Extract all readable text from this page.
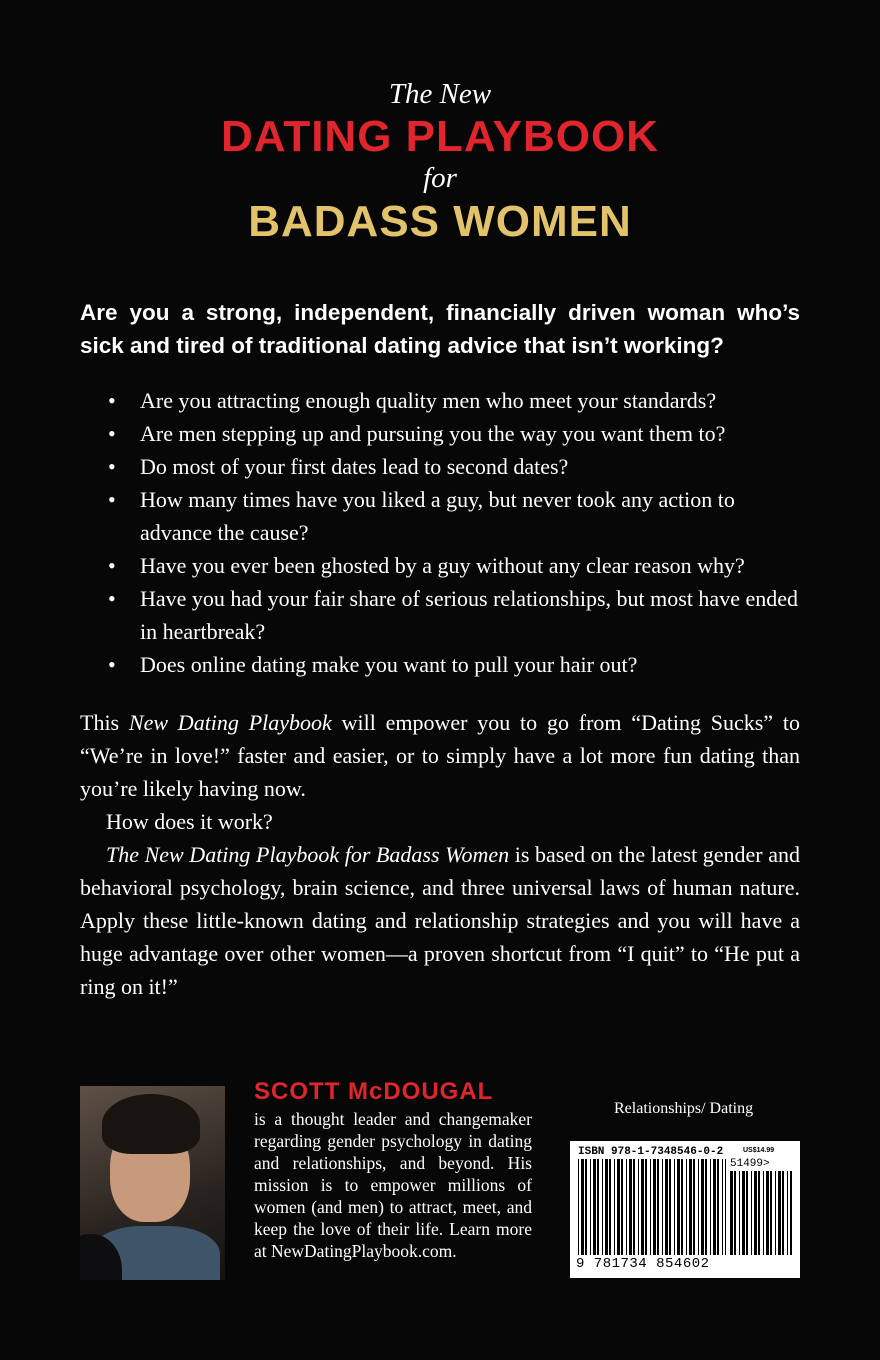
The New
DATING PLAYBOOK
for
BADASS WOMEN
Are you a strong, independent, financially driven woman who’s sick and tired of traditional dating advice that isn’t working?
• Are you attracting enough quality men who meet your standards?
• Are men stepping up and pursuing you the way you want them to?
• Do most of your first dates lead to second dates?
• How many times have you liked a guy, but never took any action to advance the cause?
• Have you ever been ghosted by a guy without any clear reason why?
• Have you had your fair share of serious relationships, but most have ended in heartbreak?
• Does online dating make you want to pull your hair out?

This New Dating Playbook will empower you to go from “Dating Sucks” to “We’re in love!” faster and easier, or to simply have a lot more fun dating than you’re likely having now.

How does it work?

The New Dating Playbook for Badass Women is based on the latest gender and behavioral psychology, brain science, and three universal laws of human nature. Apply these little-known dating and relationship strategies and you will have a huge advantage over other women—a proven shortcut from “I quit” to “He put a ring on it!”

SCOTT McDOUGAL
is a thought leader and changemaker regarding gender psychology in dating and relationships, and beyond. His mission is to empower millions of women (and men) to attract, meet, and keep the love of their life. Learn more at NewDatingPlaybook.com.
Relationships/ Dating
ISBN 978-1-7348546-0-2	US$14.99
51499>
9 781734 854602
